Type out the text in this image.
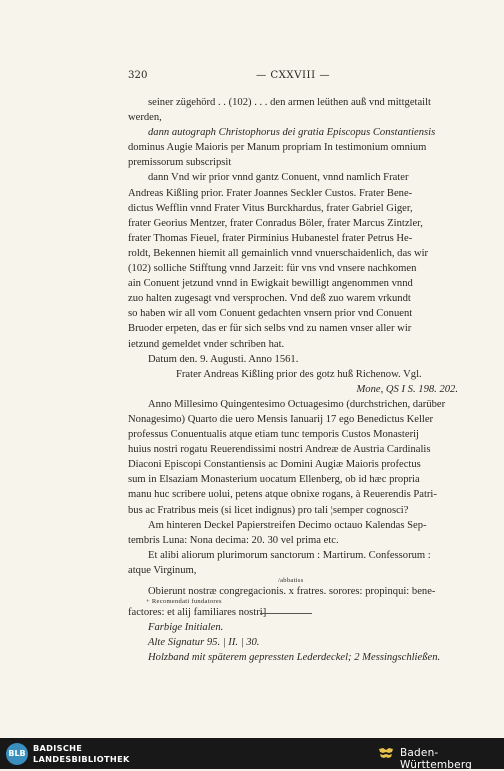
320	— CXXVIII —
seiner zügehörd . . (102) . . . den armen leüthen auß vnd mittgetailt
werden,
dann autograph Christophorus dei gratia Episcopus Constantiensis
dominus Augie Maioris per Manum propriam In testimonium omnium
premissorum subscripsit
dann Vnd wir prior vnnd gantz Conuent, vnnd namlich Frater
Andreas Kißling prior. Frater Joannes Seckler Custos. Frater Bene-
dictus Wefflin vnnd Frater Vitus Burckhardus, frater Gabriel Giger,
frater Georius Mentzer, frater Conradus Böler, frater Marcus Zintzler,
frater Thomas Fieuel, frater Pirminius Hubanestel frater Petrus He-
roldt, Bekennen hiemit all gemainlich vnnd vnuerschaidenlich, das wir
(102) solliche Stifftung vnnd Jarzeit: für vns vnd vnsere nachkomen
ain Conuent jetzund vnnd in Ewigkait bewilligt angenommen vnnd
zuo halten zugesagt vnd versprochen. Vnd deß zuo warem vrkundt
so haben wir all vom Conuent gedachten vnsern prior vnd Conuent
Bruoder erpeten, das er für sich selbs vnd zu namen vnser aller wir
ietzund gemeldet vnder schriben hat.
Datum den. 9. Augusti. Anno 1561.
Frater Andreas Kißling prior des gotz huß Richenow. Vgl.
Mone, QS I S. 198. 202.
Anno Millesimo Quingentesimo Octuagesimo (durchstrichen, darüber
Nonagesimo) Quarto die uero Mensis Ianuarij 17 ego Benedictus Keller
professus Conuentualis atque etiam tunc temporis Custos Monasterij
huius nostri rogatu Reuerendissimi nostri Andreæ de Austria Cardinalis
Diaconi Episcopi Constantiensis ac Domini Augiæ Maioris profectus
sum in Elsaziam Monasterium uocatum Ellenberg, ob id hæc propria
manu huc scribere uolui, petens atque obnixe rogans, à Reuerendis Patri-
bus ac Fratribus meis (si licet indignus) pro tali ¦semper cognosci?
Am hinteren Deckel Papierstreifen Decimo octauo Kalendas Sep-
tembris Luna: Nona decima: 20. 30 vel prima etc.
Et alibi aliorum plurimorum sanctorum : Martirum. Confessorum :
atque Virginum,
/abbatiss
Obierunt nostræ congregacionis. x fratres. sorores: propinqui: bene-
+ Recomendati fundatores
factores: et alij familiares nostri]
Farbige Initialen.
Alte Signatur 95. | II. | 30.
Holzband mit späterem gepressten Lederdeckel; 2 Messingschließen.
BLB
BADISCHE
LANDESBIBLIOTHEK	Baden-Württemberg
